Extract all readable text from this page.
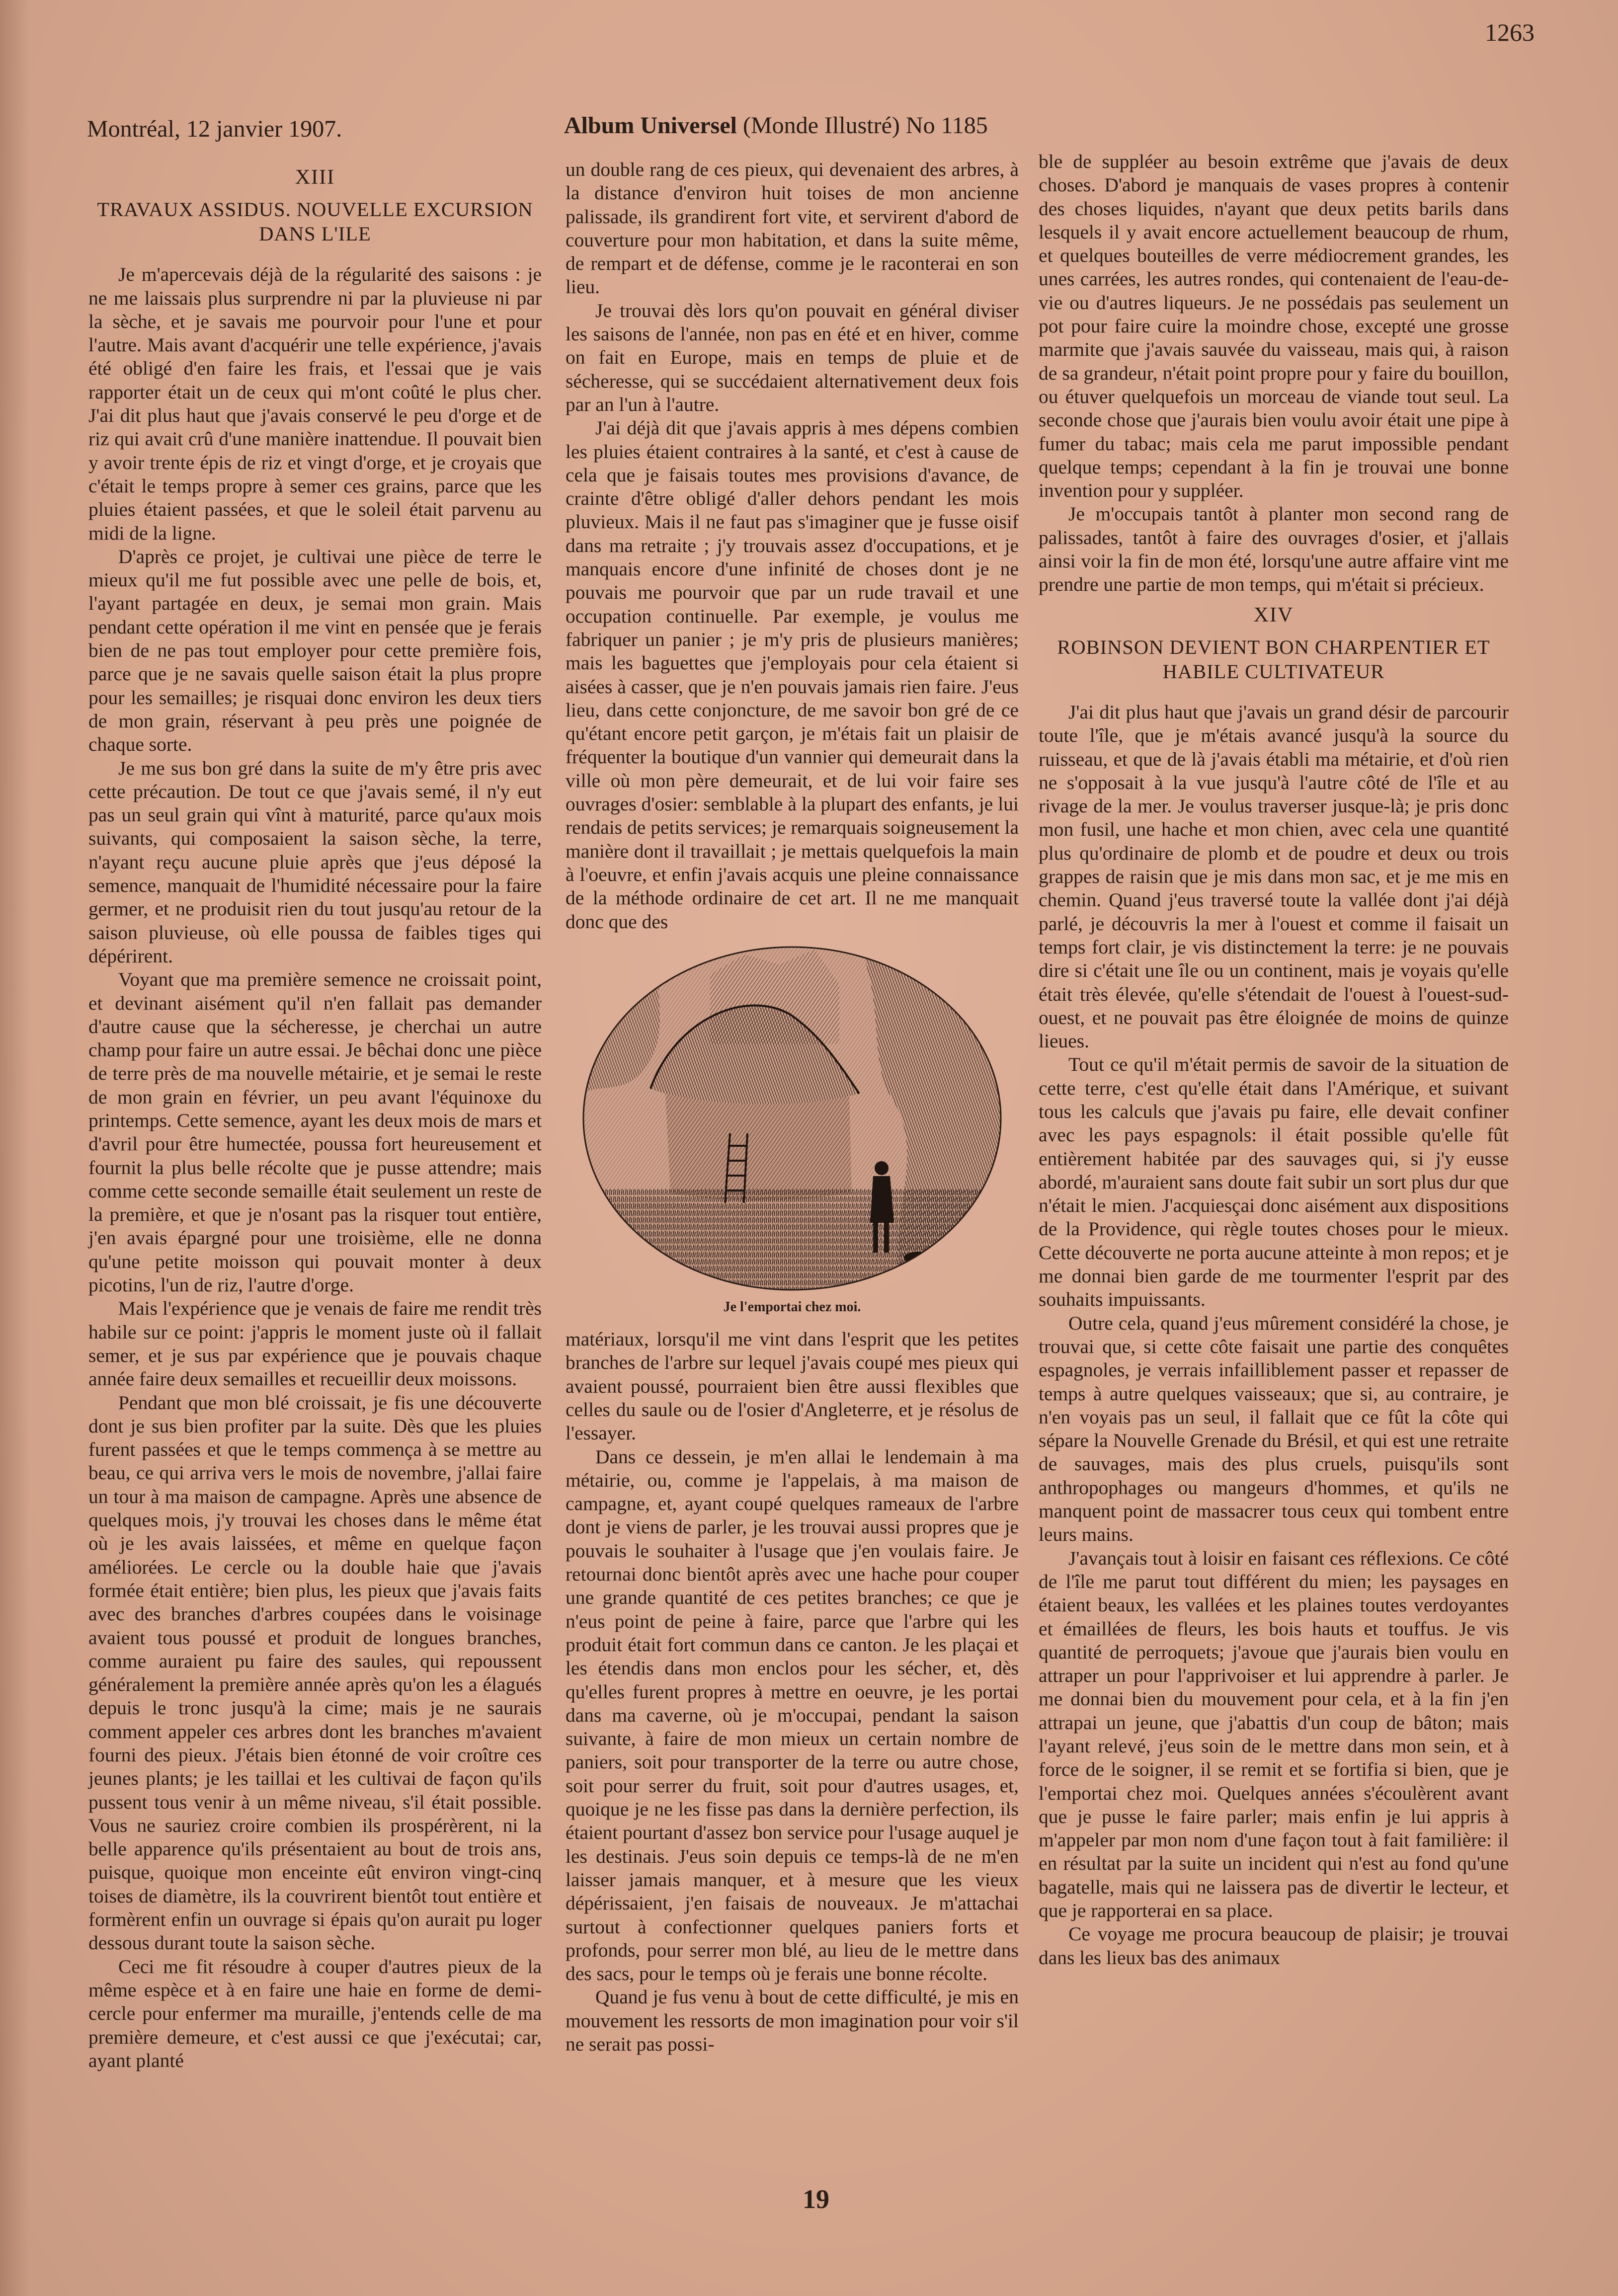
1263
Montréal, 12 janvier 1907.	Album Universel (Monde Illustré) No 1185
XIII
TRAVAUX ASSIDUS. NOUVELLE EXCURSION DANS L'ILE

Je m'apercevais déjà de la régularité des saisons : je ne me laissais plus surprendre ni par la pluvieuse ni par la sèche, et je savais me pourvoir pour l'une et pour l'autre. Mais avant d'acquérir une telle expérience, j'avais été obligé d'en faire les frais, et l'essai que je vais rapporter était un de ceux qui m'ont coûté le plus cher. J'ai dit plus haut que j'avais conservé le peu d'orge et de riz qui avait crû d'une manière inattendue. Il pouvait bien y avoir trente épis de riz et vingt d'orge, et je croyais que c'était le temps propre à semer ces grains, parce que les pluies étaient passées, et que le soleil était parvenu au midi de la ligne.

D'après ce projet, je cultivai une pièce de terre le mieux qu'il me fut possible avec une pelle de bois, et, l'ayant partagée en deux, je semai mon grain. Mais pendant cette opération il me vint en pensée que je ferais bien de ne pas tout employer pour cette première fois, parce que je ne savais quelle saison était la plus propre pour les semailles; je risquai donc environ les deux tiers de mon grain, réservant à peu près une poignée de chaque sorte.

Je me sus bon gré dans la suite de m'y être pris avec cette précaution. De tout ce que j'avais semé, il n'y eut pas un seul grain qui vînt à maturité, parce qu'aux mois suivants, qui composaient la saison sèche, la terre, n'ayant reçu aucune pluie après que j'eus déposé la semence, manquait de l'humidité nécessaire pour la faire germer, et ne produisit rien du tout jusqu'au retour de la saison pluvieuse, où elle poussa de faibles tiges qui dépérirent.

Voyant que ma première semence ne croissait point, et devinant aisément qu'il n'en fallait pas demander d'autre cause que la sécheresse, je cherchai un autre champ pour faire un autre essai. Je bêchai donc une pièce de terre près de ma nouvelle métairie, et je semai le reste de mon grain en février, un peu avant l'équinoxe du printemps. Cette semence, ayant les deux mois de mars et d'avril pour être humectée, poussa fort heureusement et fournit la plus belle récolte que je pusse attendre; mais comme cette seconde semaille était seulement un reste de la première, et que je n'osant pas la risquer tout entière, j'en avais épargné pour une troisième, elle ne donna qu'une petite moisson qui pouvait monter à deux picotins, l'un de riz, l'autre d'orge.

Mais l'expérience que je venais de faire me rendit très habile sur ce point: j'appris le moment juste où il fallait semer, et je sus par expérience que je pouvais chaque année faire deux semailles et recueillir deux moissons.

Pendant que mon blé croissait, je fis une découverte dont je sus bien profiter par la suite. Dès que les pluies furent passées et que le temps commença à se mettre au beau, ce qui arriva vers le mois de novembre, j'allai faire un tour à ma maison de campagne. Après une absence de quelques mois, j'y trouvai les choses dans le même état où je les avais laissées, et même en quelque façon améliorées. Le cercle ou la double haie que j'avais formée était entière; bien plus, les pieux que j'avais faits avec des branches d'arbres coupées dans le voisinage avaient tous poussé et produit de longues branches, comme auraient pu faire des saules, qui repoussent généralement la première année après qu'on les a élagués depuis le tronc jusqu'à la cime; mais je ne saurais comment appeler ces arbres dont les branches m'avaient fourni des pieux. J'étais bien étonné de voir croître ces jeunes plants; je les taillai et les cultivai de façon qu'ils pussent tous venir à un même niveau, s'il était possible. Vous ne sauriez croire combien ils prospérèrent, ni la belle apparence qu'ils présentaient au bout de trois ans, puisque, quoique mon enceinte eût environ vingt-cinq toises de diamètre, ils la couvrirent bientôt tout entière et formèrent enfin un ouvrage si épais qu'on aurait pu loger dessous durant toute la saison sèche.

Ceci me fit résoudre à couper d'autres pieux de la même espèce et à en faire une haie en forme de demi-cercle pour enfermer ma muraille, j'entends celle de ma première demeure, et c'est aussi ce que j'exécutai; car, ayant planté

un double rang de ces pieux, qui devenaient des arbres, à la distance d'environ huit toises de mon ancienne palissade, ils grandirent fort vite, et servirent d'abord de couverture pour mon habitation, et dans la suite même, de rempart et de défense, comme je le raconterai en son lieu.

Je trouvai dès lors qu'on pouvait en général diviser les saisons de l'année, non pas en été et en hiver, comme on fait en Europe, mais en temps de pluie et de sécheresse, qui se succédaient alternativement deux fois par an l'un à l'autre.

J'ai déjà dit que j'avais appris à mes dépens combien les pluies étaient contraires à la santé, et c'est à cause de cela que je faisais toutes mes provisions d'avance, de crainte d'être obligé d'aller dehors pendant les mois pluvieux. Mais il ne faut pas s'imaginer que je fusse oisif dans ma retraite ; j'y trouvais assez d'occupations, et je manquais encore d'une infinité de choses dont je ne pouvais me pourvoir que par un rude travail et une occupation continuelle. Par exemple, je voulus me fabriquer un panier ; je m'y pris de plusieurs manières; mais les baguettes que j'employais pour cela étaient si aisées à casser, que je n'en pouvais jamais rien faire. J'eus lieu, dans cette conjoncture, de me savoir bon gré de ce qu'étant encore petit garçon, je m'étais fait un plaisir de fréquenter la boutique d'un vannier qui demeurait dans la ville où mon père demeurait, et de lui voir faire ses ouvrages d'osier: semblable à la plupart des enfants, je lui rendais de petits services; je remarquais soigneusement la manière dont il travaillait ; je mettais quelquefois la main à l'oeuvre, et enfin j'avais acquis une pleine connaissance de la méthode ordinaire de cet art. Il ne me manquait donc que des

Je l'emportai chez moi.

matériaux, lorsqu'il me vint dans l'esprit que les petites branches de l'arbre sur lequel j'avais coupé mes pieux qui avaient poussé, pourraient bien être aussi flexibles que celles du saule ou de l'osier d'Angleterre, et je résolus de l'essayer.

Dans ce dessein, je m'en allai le lendemain à ma métairie, ou, comme je l'appelais, à ma maison de campagne, et, ayant coupé quelques rameaux de l'arbre dont je viens de parler, je les trouvai aussi propres que je pouvais le souhaiter à l'usage que j'en voulais faire. Je retournai donc bientôt après avec une hache pour couper une grande quantité de ces petites branches; ce que je n'eus point de peine à faire, parce que l'arbre qui les produit était fort commun dans ce canton. Je les plaçai et les étendis dans mon enclos pour les sécher, et, dès qu'elles furent propres à mettre en oeuvre, je les portai dans ma caverne, où je m'occupai, pendant la saison suivante, à faire de mon mieux un certain nombre de paniers, soit pour transporter de la terre ou autre chose, soit pour serrer du fruit, soit pour d'autres usages, et, quoique je ne les fisse pas dans la dernière perfection, ils étaient pourtant d'assez bon service pour l'usage auquel je les destinais. J'eus soin depuis ce temps-là de ne m'en laisser jamais manquer, et à mesure que les vieux dépérissaient, j'en faisais de nouveaux. Je m'attachai surtout à confectionner quelques paniers forts et profonds, pour serrer mon blé, au lieu de le mettre dans des sacs, pour le temps où je ferais une bonne récolte.

Quand je fus venu à bout de cette difficulté, je mis en mouvement les ressorts de mon imagination pour voir s'il ne serait pas possi-

ble de suppléer au besoin extrême que j'avais de deux choses. D'abord je manquais de vases propres à contenir des choses liquides, n'ayant que deux petits barils dans lesquels il y avait encore actuellement beaucoup de rhum, et quelques bouteilles de verre médiocrement grandes, les unes carrées, les autres rondes, qui contenaient de l'eau-de-vie ou d'autres liqueurs. Je ne possédais pas seulement un pot pour faire cuire la moindre chose, excepté une grosse marmite que j'avais sauvée du vaisseau, mais qui, à raison de sa grandeur, n'était point propre pour y faire du bouillon, ou étuver quelquefois un morceau de viande tout seul. La seconde chose que j'aurais bien voulu avoir était une pipe à fumer du tabac; mais cela me parut impossible pendant quelque temps; cependant à la fin je trouvai une bonne invention pour y suppléer.

Je m'occupais tantôt à planter mon second rang de palissades, tantôt à faire des ouvrages d'osier, et j'allais ainsi voir la fin de mon été, lorsqu'une autre affaire vint me prendre une partie de mon temps, qui m'était si précieux.

XIV
ROBINSON DEVIENT BON CHARPENTIER ET HABILE CULTIVATEUR

J'ai dit plus haut que j'avais un grand désir de parcourir toute l'île, que je m'étais avancé jusqu'à la source du ruisseau, et que de là j'avais établi ma métairie, et d'où rien ne s'opposait à la vue jusqu'à l'autre côté de l'île et au rivage de la mer. Je voulus traverser jusque-là; je pris donc mon fusil, une hache et mon chien, avec cela une quantité plus qu'ordinaire de plomb et de poudre et deux ou trois grappes de raisin que je mis dans mon sac, et je me mis en chemin. Quand j'eus traversé toute la vallée dont j'ai déjà parlé, je découvris la mer à l'ouest et comme il faisait un temps fort clair, je vis distinctement la terre: je ne pouvais dire si c'était une île ou un continent, mais je voyais qu'elle était très élevée, qu'elle s'étendait de l'ouest à l'ouest-sud-ouest, et ne pouvait pas être éloignée de moins de quinze lieues.

Tout ce qu'il m'était permis de savoir de la situation de cette terre, c'est qu'elle était dans l'Amérique, et suivant tous les calculs que j'avais pu faire, elle devait confiner avec les pays espagnols: il était possible qu'elle fût entièrement habitée par des sauvages qui, si j'y eusse abordé, m'auraient sans doute fait subir un sort plus dur que n'était le mien. J'acquiesçai donc aisément aux dispositions de la Providence, qui règle toutes choses pour le mieux. Cette découverte ne porta aucune atteinte à mon repos; et je me donnai bien garde de me tourmenter l'esprit par des souhaits impuissants.

Outre cela, quand j'eus mûrement considéré la chose, je trouvai que, si cette côte faisait une partie des conquêtes espagnoles, je verrais infailliblement passer et repasser de temps à autre quelques vaisseaux; que si, au contraire, je n'en voyais pas un seul, il fallait que ce fût la côte qui sépare la Nouvelle Grenade du Brésil, et qui est une retraite de sauvages, mais des plus cruels, puisqu'ils sont anthropophages ou mangeurs d'hommes, et qu'ils ne manquent point de massacrer tous ceux qui tombent entre leurs mains.

J'avançais tout à loisir en faisant ces réflexions. Ce côté de l'île me parut tout différent du mien; les paysages en étaient beaux, les vallées et les plaines toutes verdoyantes et émaillées de fleurs, les bois hauts et touffus. Je vis quantité de perroquets; j'avoue que j'aurais bien voulu en attraper un pour l'apprivoiser et lui apprendre à parler. Je me donnai bien du mouvement pour cela, et à la fin j'en attrapai un jeune, que j'abattis d'un coup de bâton; mais l'ayant relevé, j'eus soin de le mettre dans mon sein, et à force de le soigner, il se remit et se fortifia si bien, que je l'emportai chez moi. Quelques années s'écoulèrent avant que je pusse le faire parler; mais enfin je lui appris à m'appeler par mon nom d'une façon tout à fait familière: il en résultat par la suite un incident qui n'est au fond qu'une bagatelle, mais qui ne laissera pas de divertir le lecteur, et que je rapporterai en sa place.

Ce voyage me procura beaucoup de plaisir; je trouvai dans les lieux bas des animaux

19
